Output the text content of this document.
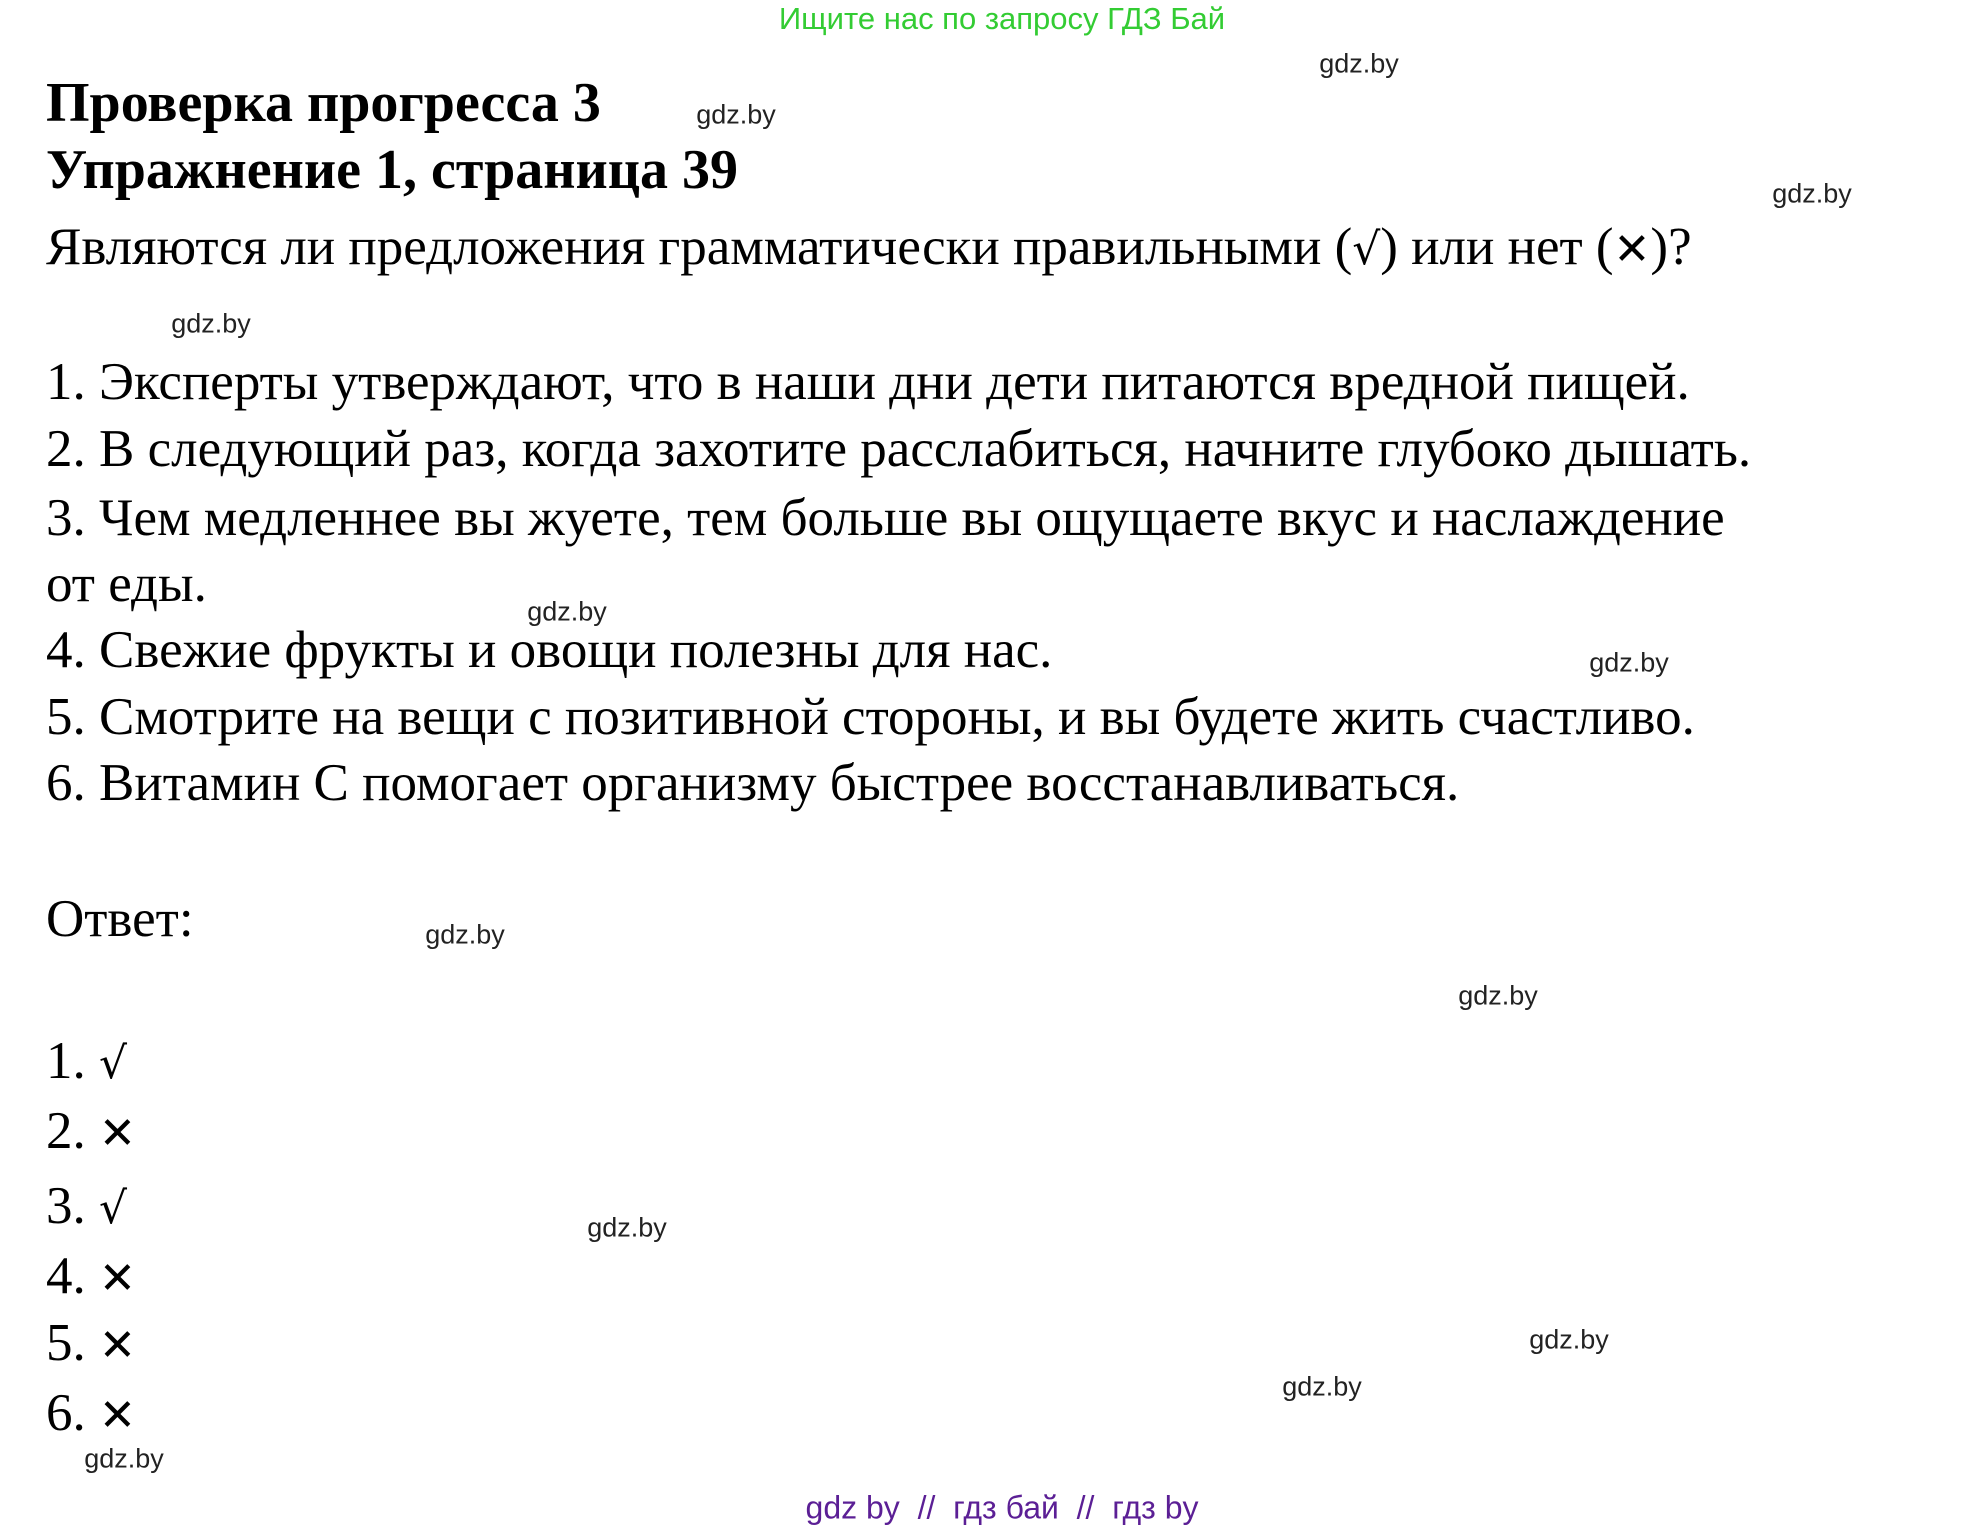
Ищите нас по запросу ГДЗ Бай
Проверка прогресса 3
Упражнение 1, страница 39
Являются ли предложения грамматически правильными (√) или нет (✕)?
1. Эксперты утверждают, что в наши дни дети питаются вредной пищей.
2. В следующий раз, когда захотите расслабиться, начните глубоко дышать.
3. Чем медленнее вы жуете, тем больше вы ощущаете вкус и наслаждение
от еды.
4. Свежие фрукты и овощи полезны для нас.
5. Смотрите на вещи с позитивной стороны, и вы будете жить счастливо.
6. Витамин С помогает организму быстрее восстанавливаться.
Ответ:
1. √
2. ✕
3. √
4. ✕
5. ✕
6. ✕
gdz.by
gdz.by
gdz.by
gdz.by
gdz.by
gdz.by
gdz.by
gdz.by
gdz.by
gdz.by
gdz.by
gdz.by
gdz by  //  гдз бай  //  гдз by
